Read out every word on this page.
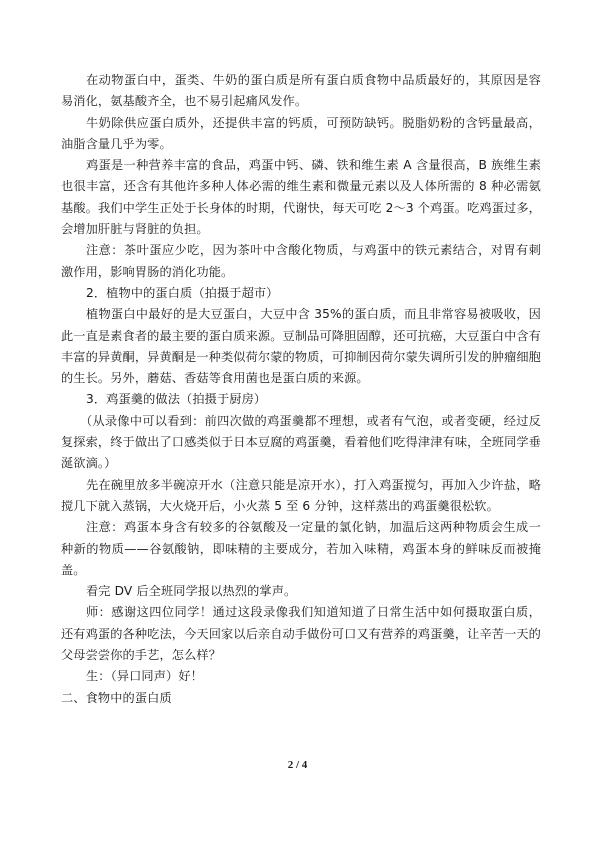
在动物蛋白中，蛋类、牛奶的蛋白质是所有蛋白质食物中品质最好的，其原因是容易消化，氨基酸齐全，也不易引起痛风发作。

牛奶除供应蛋白质外，还提供丰富的钙质，可预防缺钙。脱脂奶粉的含钙量最高，油脂含量几乎为零。

鸡蛋是一种营养丰富的食品，鸡蛋中钙、磷、铁和维生素 A 含量很高，B 族维生素也很丰富，还含有其他许多种人体必需的维生素和微量元素以及人体所需的 8 种必需氨基酸。我们中学生正处于长身体的时期，代谢快，每天可吃 2～3 个鸡蛋。吃鸡蛋过多，会增加肝脏与肾脏的负担。

注意：茶叶蛋应少吃，因为茶叶中含酸化物质，与鸡蛋中的铁元素结合，对胃有刺激作用，影响胃肠的消化功能。

2．植物中的蛋白质（拍摄于超市）

植物蛋白中最好的是大豆蛋白，大豆中含 35%的蛋白质，而且非常容易被吸收，因此一直是素食者的最主要的蛋白质来源。豆制品可降胆固醇，还可抗癌，大豆蛋白中含有丰富的异黄酮，异黄酮是一种类似荷尔蒙的物质，可抑制因荷尔蒙失调所引发的肿瘤细胞的生长。另外，蘑菇、香菇等食用菌也是蛋白质的来源。

3．鸡蛋羹的做法（拍摄于厨房）

（从录像中可以看到：前四次做的鸡蛋羹都不理想，或者有气泡，或者变硬，经过反复探索，终于做出了口感类似于日本豆腐的鸡蛋羹，看着他们吃得津津有味，全班同学垂涎欲滴。）

先在碗里放多半碗凉开水（注意只能是凉开水），打入鸡蛋搅匀，再加入少许盐，略搅几下就入蒸锅，大火烧开后，小火蒸 5 至 6 分钟，这样蒸出的鸡蛋羹很松软。

注意：鸡蛋本身含有较多的谷氨酸及一定量的氯化钠，加温后这两种物质会生成一种新的物质——谷氨酸钠，即味精的主要成分，若加入味精，鸡蛋本身的鲜味反而被掩盖。

看完 DV 后全班同学报以热烈的掌声。

师：感谢这四位同学！通过这段录像我们知道知道了日常生活中如何摄取蛋白质，还有鸡蛋的各种吃法，今天回家以后亲自动手做份可口又有营养的鸡蛋羹，让辛苦一天的父母尝尝你的手艺，怎么样？

生：（异口同声）好！

二、食物中的蛋白质

2 / 4
